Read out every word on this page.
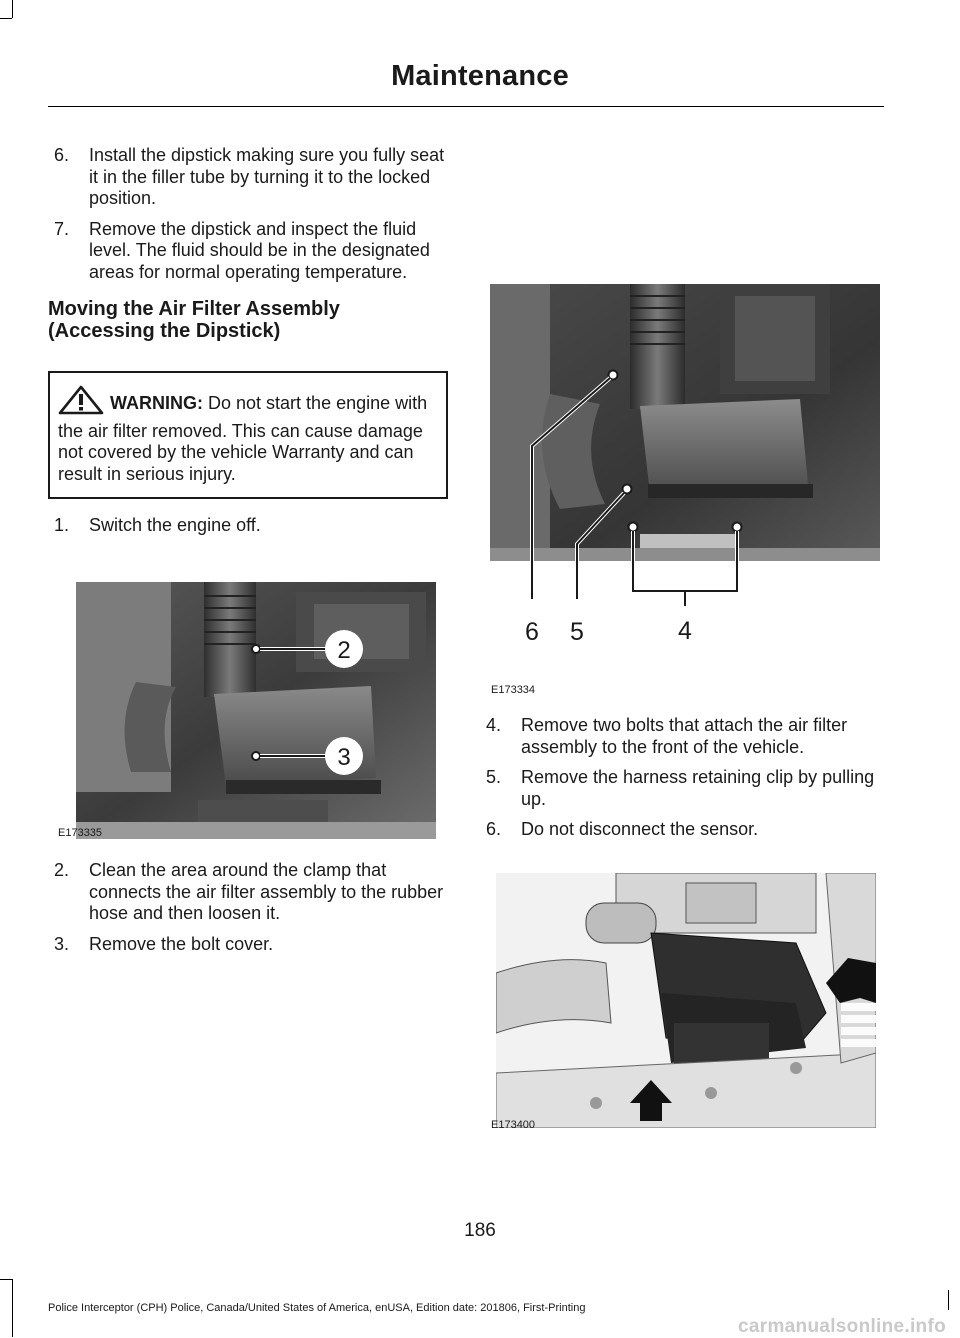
Maintenance
6. Install the dipstick making sure you fully seat it in the filler tube by turning it to the locked position.
7. Remove the dipstick and inspect the fluid level. The fluid should be in the designated areas for normal operating temperature.
Moving the Air Filter Assembly (Accessing the Dipstick)
WARNING: Do not start the engine with the air filter removed. This can cause damage not covered by the vehicle Warranty and can result in serious injury.
1. Switch the engine off.
2
3
E173335
2. Clean the area around the clamp that connects the air filter assembly to the rubber hose and then loosen it.
3. Remove the bolt cover.
6 5	4
E173334
4. Remove two bolts that attach the air filter assembly to the front of the vehicle.
5. Remove the harness retaining clip by pulling up.
6. Do not disconnect the sensor.
E173400
186
Police Interceptor (CPH) Police, Canada/United States of America, enUSA, Edition date: 201806, First-Printing
carmanualsonline.info
